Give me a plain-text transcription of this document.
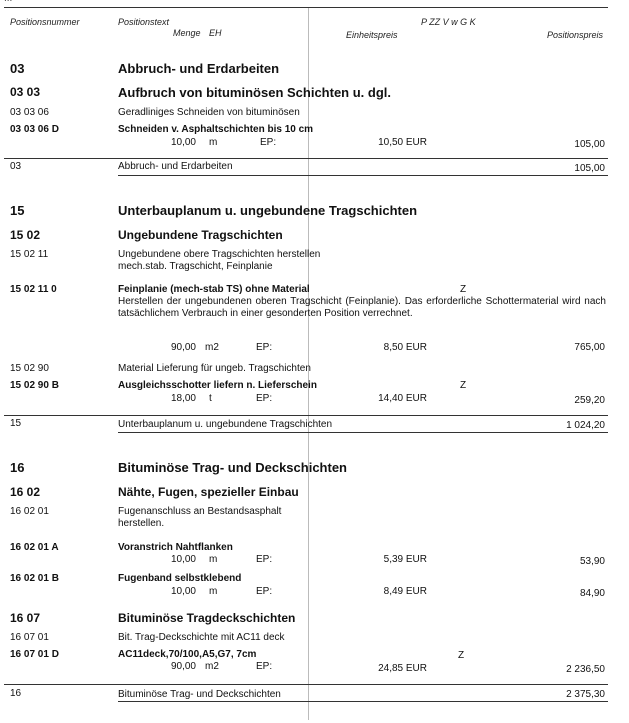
Positionsnummer	Positionstext	P ZZ V w G K
Menge EH	Einheitspreis	Positionspreis
03	Abbruch- und Erdarbeiten
03 03	Aufbruch von bituminösen Schichten u. dgl.
03 03 06	Geradliniges Schneiden von bituminösen
03 03 06 D	Schneiden v. Asphaltschichten bis 10 cm
10,00 m	EP:	10,50 EUR	105,00
03	Abbruch- und Erdarbeiten	105,00
15	Unterbauplanum u. ungebundene Tragschichten
15 02	Ungebundene Tragschichten
15 02 11	Ungebundene obere Tragschichten herstellen
mech.stab. Tragschicht, Feinplanie
15 02 11 0	Feinplanie (mech-stab TS) ohne Material	Z
Herstellen der ungebundenen oberen Tragschicht (Feinplanie). Das erforderliche Schottermaterial wird nach tatsächlichem Verbrauch in einer gesonderten Position verrechnet.
90,00 m2	EP:	8,50 EUR	765,00
15 02 90	Material Lieferung für ungeb. Tragschichten
15 02 90 B	Ausgleichsschotter liefern n. Lieferschein	Z
18,00 t	EP:	14,40 EUR	259,20
15	Unterbauplanum u. ungebundene Tragschichten	1 024,20
16	Bituminöse Trag- und Deckschichten
16 02	Nähte, Fugen, spezieller Einbau
16 02 01	Fugenanschluss an Bestandsasphalt
herstellen.
16 02 01 A	Voranstrich Nahtflanken
10,00 m	EP:	5,39 EUR	53,90
16 02 01 B	Fugenband selbstklebend
10,00 m	EP:	8,49 EUR	84,90
16 07	Bituminöse Tragdeckschichten
16 07 01	Bit. Trag-Deckschichte mit AC11 deck
16 07 01 D	AC11deck,70/100,A5,G7, 7cm	Z
90,00 m2	EP:	24,85 EUR	2 236,50
16	Bituminöse Trag- und Deckschichten	2 375,30
